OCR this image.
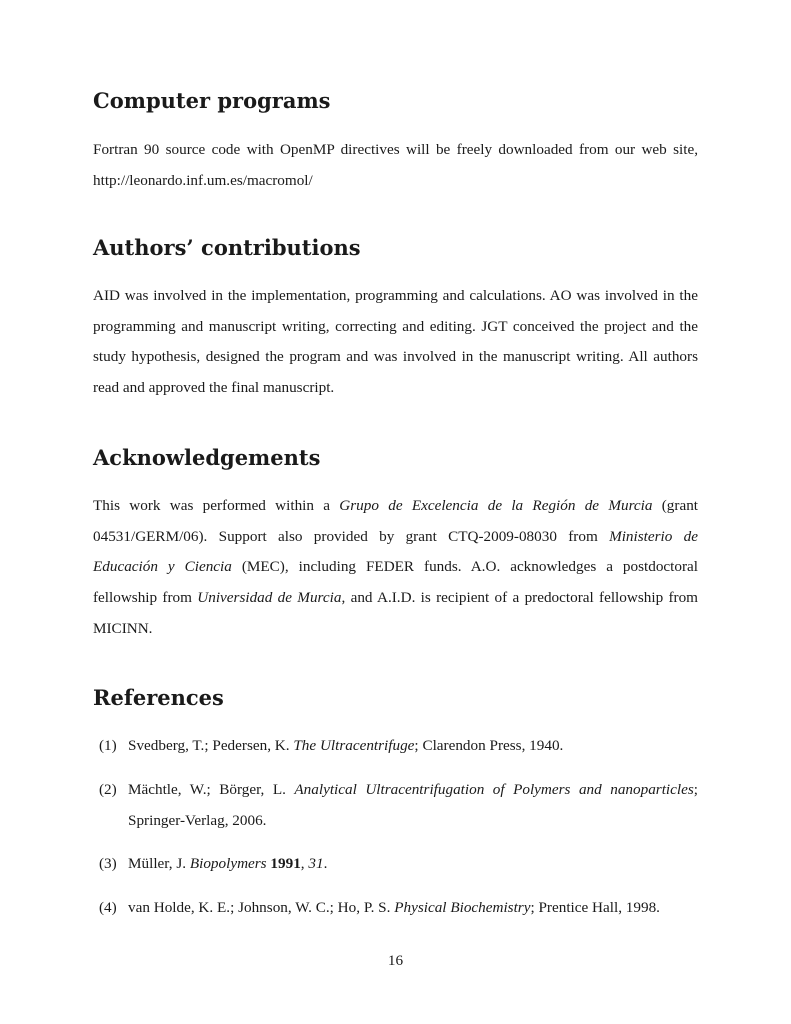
Computer programs

Fortran 90 source code with OpenMP directives will be freely downloaded from our web site, http://leonardo.inf.um.es/macromol/

Authors’ contributions

AID was involved in the implementation, programming and calculations. AO was involved in the programming and manuscript writing, correcting and editing. JGT conceived the project and the study hypothesis, designed the program and was involved in the manuscript writing. All authors read and approved the final manuscript.

Acknowledgements

This work was performed within a Grupo de Excelencia de la Región de Murcia (grant 04531/GERM/06). Support also provided by grant CTQ-2009-08030 from Ministerio de Educación y Ciencia (MEC), including FEDER funds. A.O. acknowledges a postdoctoral fellowship from Universidad de Murcia, and A.I.D. is recipient of a predoctoral fellowship from MICINN.

References
(1) Svedberg, T.; Pedersen, K. The Ultracentrifuge; Clarendon Press, 1940.
(2) Mächtle, W.; Börger, L. Analytical Ultracentrifugation of Polymers and nanoparticles; Springer-Verlag, 2006.
(3) Müller, J. Biopolymers 1991, 31.
(4) van Holde, K. E.; Johnson, W. C.; Ho, P. S. Physical Biochemistry; Prentice Hall, 1998.
16
